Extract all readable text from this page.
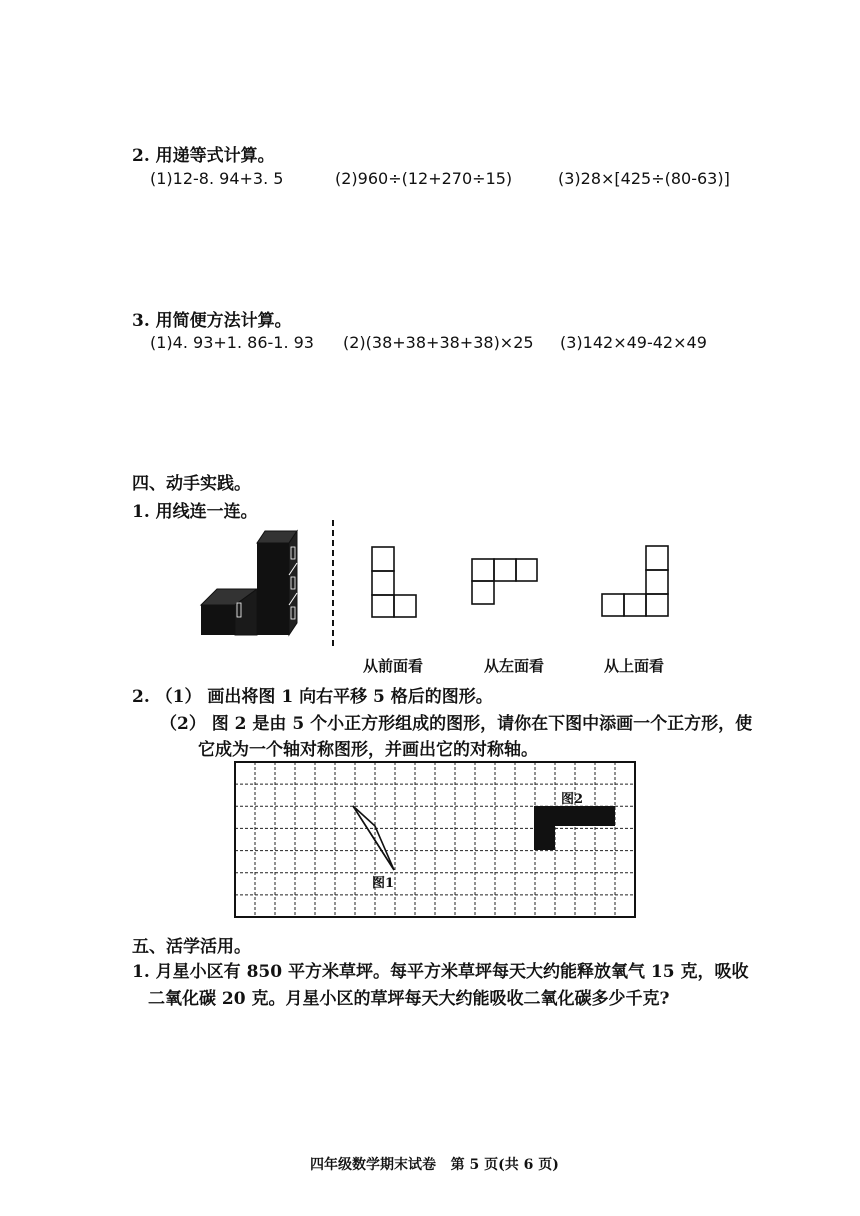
2. 用递等式计算。
(1)12-8. 94+3. 5	(2)960÷(12+270÷15)	(3)28×[425÷(80-63)]
3. 用简便方法计算。
(1)4. 93+1. 86-1. 93 (2)(38+38+38+38)×25 (3)142×49-42×49
四、动手实践。
1. 用线连一连。
从前面看	从左面看	从上面看
2. （1） 画出将图 1 向右平移 5 格后的图形。
（2） 图 2 是由 5 个小正方形组成的图形，请你在下图中添画一个正方形，使
它成为一个轴对称图形，并画出它的对称轴。
图1
图2
五、活学活用。
1. 月星小区有 850 平方米草坪。每平方米草坪每天大约能释放氧气 15 克，吸收
二氧化碳 20 克。月星小区的草坪每天大约能吸收二氧化碳多少千克?
四年级数学期末试卷   第 5 页(共 6 页)
